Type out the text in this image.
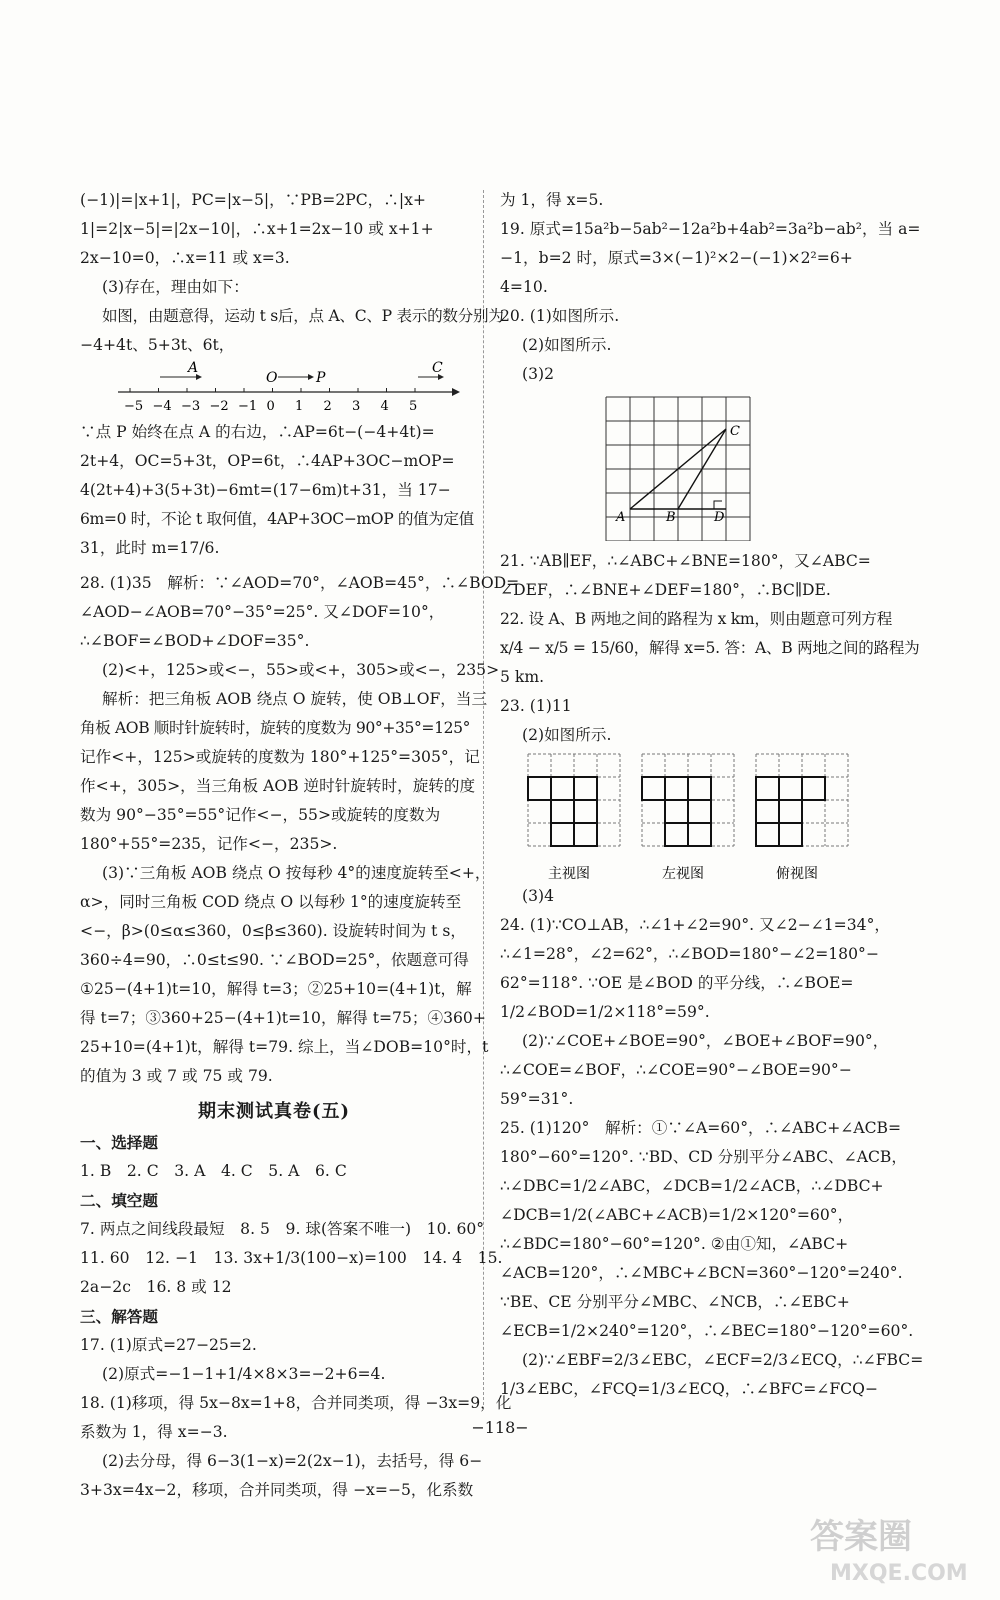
(−1)|=|x+1|，PC=|x−5|，∵PB=2PC，∴|x+
1|=2|x−5|=|2x−10|，∴x+1=2x−10 或 x+1+
2x−10=0，∴x=11 或 x=3.
(3)存在，理由如下：
如图，由题意得，运动 t s后，点 A、C、P 表示的数分别为
−4+4t、5+3t、6t，
−5 −4 −3 −2 −1 0 1 2 3 4 5
A
O	P
C
∵点 P 始终在点 A 的右边，∴AP=6t−(−4+4t)=
2t+4，OC=5+3t，OP=6t，∴4AP+3OC−mOP=
4(2t+4)+3(5+3t)−6mt=(17−6m)t+31，当 17−
6m=0 时，不论 t 取何值，4AP+3OC−mOP 的值为定值
31，此时 m=17/6.
28. (1)35　解析：∵∠AOD=70°，∠AOB=45°，∴∠BOD=
∠AOD−∠AOB=70°−35°=25°. 又∠DOF=10°，
∴∠BOF=∠BOD+∠DOF=35°.
(2)<+，125>或<−，55>或<+，305>或<−，235>
解析：把三角板 AOB 绕点 O 旋转，使 OB⊥OF，当三
角板 AOB 顺时针旋转时，旋转的度数为 90°+35°=125°
记作<+，125>或旋转的度数为 180°+125°=305°，记
作<+，305>，当三角板 AOB 逆时针旋转时，旋转的度
数为 90°−35°=55°记作<−，55>或旋转的度数为
180°+55°=235，记作<−，235>.
(3)∵三角板 AOB 绕点 O 按每秒 4°的速度旋转至<+，
α>，同时三角板 COD 绕点 O 以每秒 1°的速度旋转至
<−，β>(0≤α≤360，0≤β≤360). 设旋转时间为 t s，
360÷4=90，∴0≤t≤90. ∵∠BOD=25°，依题意可得
①25−(4+1)t=10，解得 t=3；②25+10=(4+1)t，解
得 t=7；③360+25−(4+1)t=10，解得 t=75；④360+
25+10=(4+1)t，解得 t=79. 综上，当∠DOB=10°时，t
的值为 3 或 7 或 75 或 79.
期末测试真卷(五)
一、选择题
1. B　2. C　3. A　4. C　5. A　6. C
二、填空题
7. 两点之间线段最短　8. 5　9. 球(答案不唯一)　10. 60°
11. 60　12. −1　13. 3x+1/3(100−x)=100　14. 4　15.
2a−2c　16. 8 或 12
三、解答题
17. (1)原式=27−25=2.
(2)原式=−1−1+1/4×8×3=−2+6=4.
18. (1)移项，得 5x−8x=1+8，合并同类项，得 −3x=9，化
系数为 1，得 x=−3.
(2)去分母，得 6−3(1−x)=2(2x−1)，去括号，得 6−
3+3x=4x−2，移项，合并同类项，得 −x=−5，化系数
为 1，得 x=5.
19. 原式=15a²b−5ab²−12a²b+4ab²=3a²b−ab²，当 a=
−1，b=2 时，原式=3×(−1)²×2−(−1)×2²=6+
4=10.
20. (1)如图所示.
(2)如图所示.
(3)2
A	B
C
D
21. ∵AB∥EF，∴∠ABC+∠BNE=180°，又∠ABC=
∠DEF，∴∠BNE+∠DEF=180°，∴BC∥DE.
22. 设 A、B 两地之间的路程为 x km，则由题意可列方程
x/4 − x/5 = 15/60，解得 x=5. 答：A、B 两地之间的路程为
5 km.
23. (1)11
(2)如图所示.
主视图	左视图	俯视图
(3)4
24. (1)∵CO⊥AB，∴∠1+∠2=90°. 又∠2−∠1=34°，
∴∠1=28°，∠2=62°，∴∠BOD=180°−∠2=180°−
62°=118°. ∵OE 是∠BOD 的平分线，∴∠BOE=
1/2∠BOD=1/2×118°=59°.
(2)∵∠COE+∠BOE=90°，∠BOE+∠BOF=90°，
∴∠COE=∠BOF，∴∠COE=90°−∠BOE=90°−
59°=31°.
25. (1)120°　解析：①∵∠A=60°，∴∠ABC+∠ACB=
180°−60°=120°. ∵BD、CD 分别平分∠ABC、∠ACB，
∴∠DBC=1/2∠ABC，∠DCB=1/2∠ACB，∴∠DBC+
∠DCB=1/2(∠ABC+∠ACB)=1/2×120°=60°，
∴∠BDC=180°−60°=120°. ②由①知，∠ABC+
∠ACB=120°，∴∠MBC+∠BCN=360°−120°=240°.
∵BE、CE 分别平分∠MBC、∠NCB，∴∠EBC+
∠ECB=1/2×240°=120°，∴∠BEC=180°−120°=60°.
(2)∵∠EBF=2/3∠EBC，∠ECF=2/3∠ECQ，∴∠FBC=
1/3∠EBC，∠FCQ=1/3∠ECQ，∴∠BFC=∠FCQ−
−118−
答案圈
MXQE.COM
